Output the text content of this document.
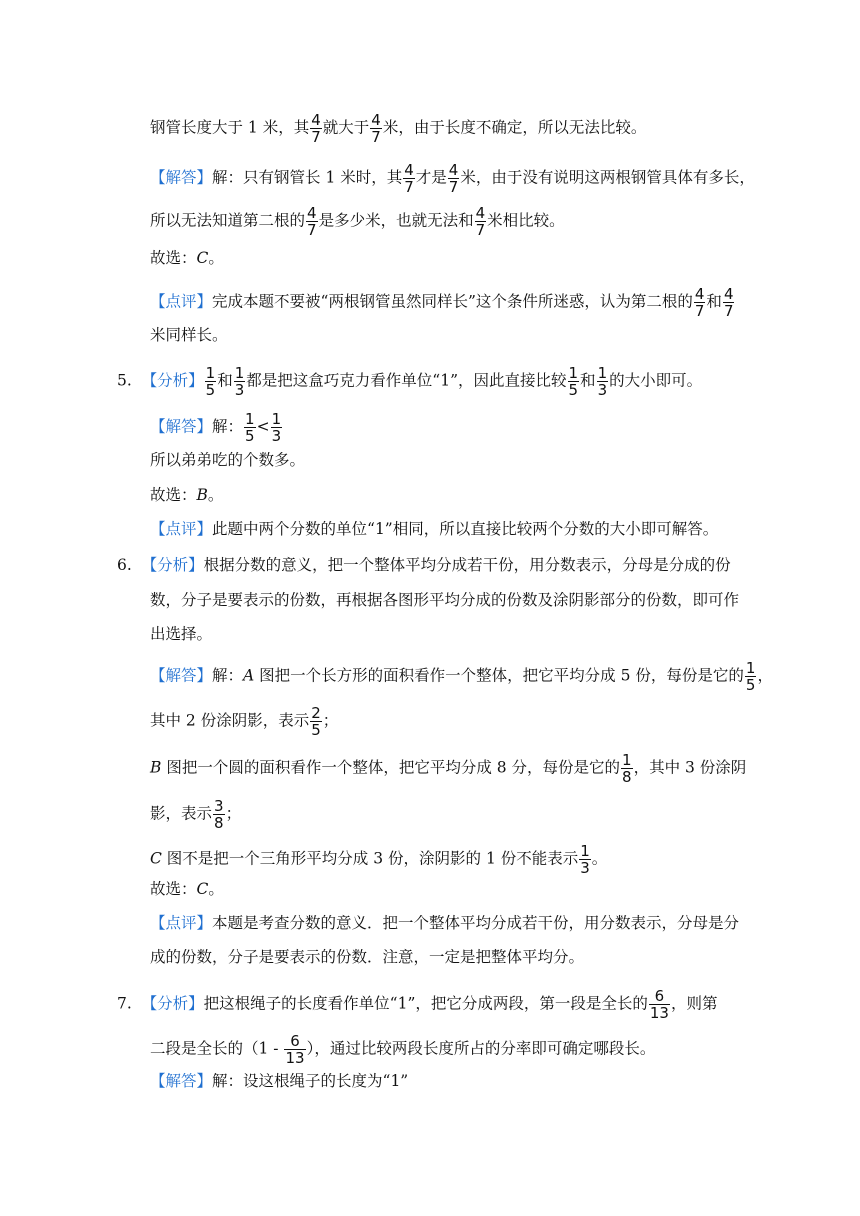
钢管长度大于 1 米，其 $\frac{4}{7}$ 就大于 $\frac{4}{7}$ 米，由于长度不确定，所以无法比较。
【解答】解：只有钢管长 1 米时，其 $\frac{4}{7}$ 才是 $\frac{4}{7}$ 米，由于没有说明这两根钢管具体有多长，
所以无法知道第二根的 $\frac{4}{7}$ 是多少米，也就无法和 $\frac{4}{7}$ 米相比较。
故选：C。
【点评】完成本题不要被“两根钢管虽然同样长”这个条件所迷惑，认为第二根的 $\frac{4}{7}$ 和 $\frac{4}{7}$
米同样长。
5. 【分析】 $\frac{1}{5}$ 和 $\frac{1}{3}$ 都是把这盒巧克力看作单位“1”，因此直接比较 $\frac{1}{5}$ 和 $\frac{1}{3}$ 的大小即可。
【解答】解： $\frac{1}{5} < \frac{1}{3}$
所以弟弟吃的个数多。
故选：B。
【点评】此题中两个分数的单位“1”相同，所以直接比较两个分数的大小即可解答。
6. 【分析】根据分数的意义，把一个整体平均分成若干份，用分数表示，分母是分成的份
数，分子是要表示的份数，再根据各图形平均分成的份数及涂阴影部分的份数，即可作
出选择。
【解答】解：A 图把一个长方形的面积看作一个整体，把它平均分成 5 份，每份是它的 $\frac{1}{5}$ ，
其中 2 份涂阴影，表示 $\frac{2}{5}$ ；
B 图把一个圆的面积看作一个整体，把它平均分成 8 分，每份是它的 $\frac{1}{8}$ ，其中 3 份涂阴
影，表示 $\frac{3}{8}$ ；
C 图不是把一个三角形平均分成 3 份，涂阴影的 1 份不能表示 $\frac{1}{3}$ 。
故选：C。
【点评】本题是考查分数的意义．把一个整体平均分成若干份，用分数表示，分母是分
成的份数，分子是要表示的份数．注意，一定是把整体平均分。
7. 【分析】把这根绳子的长度看作单位“1”，把它分成两段，第一段是全长的 $\frac{6}{13}$ ，则第
二段是全长的（$1 - \frac{6}{13}$ ），通过比较两段长度所占的分率即可确定哪段长。
【解答】解：设这根绳子的长度为“1”
